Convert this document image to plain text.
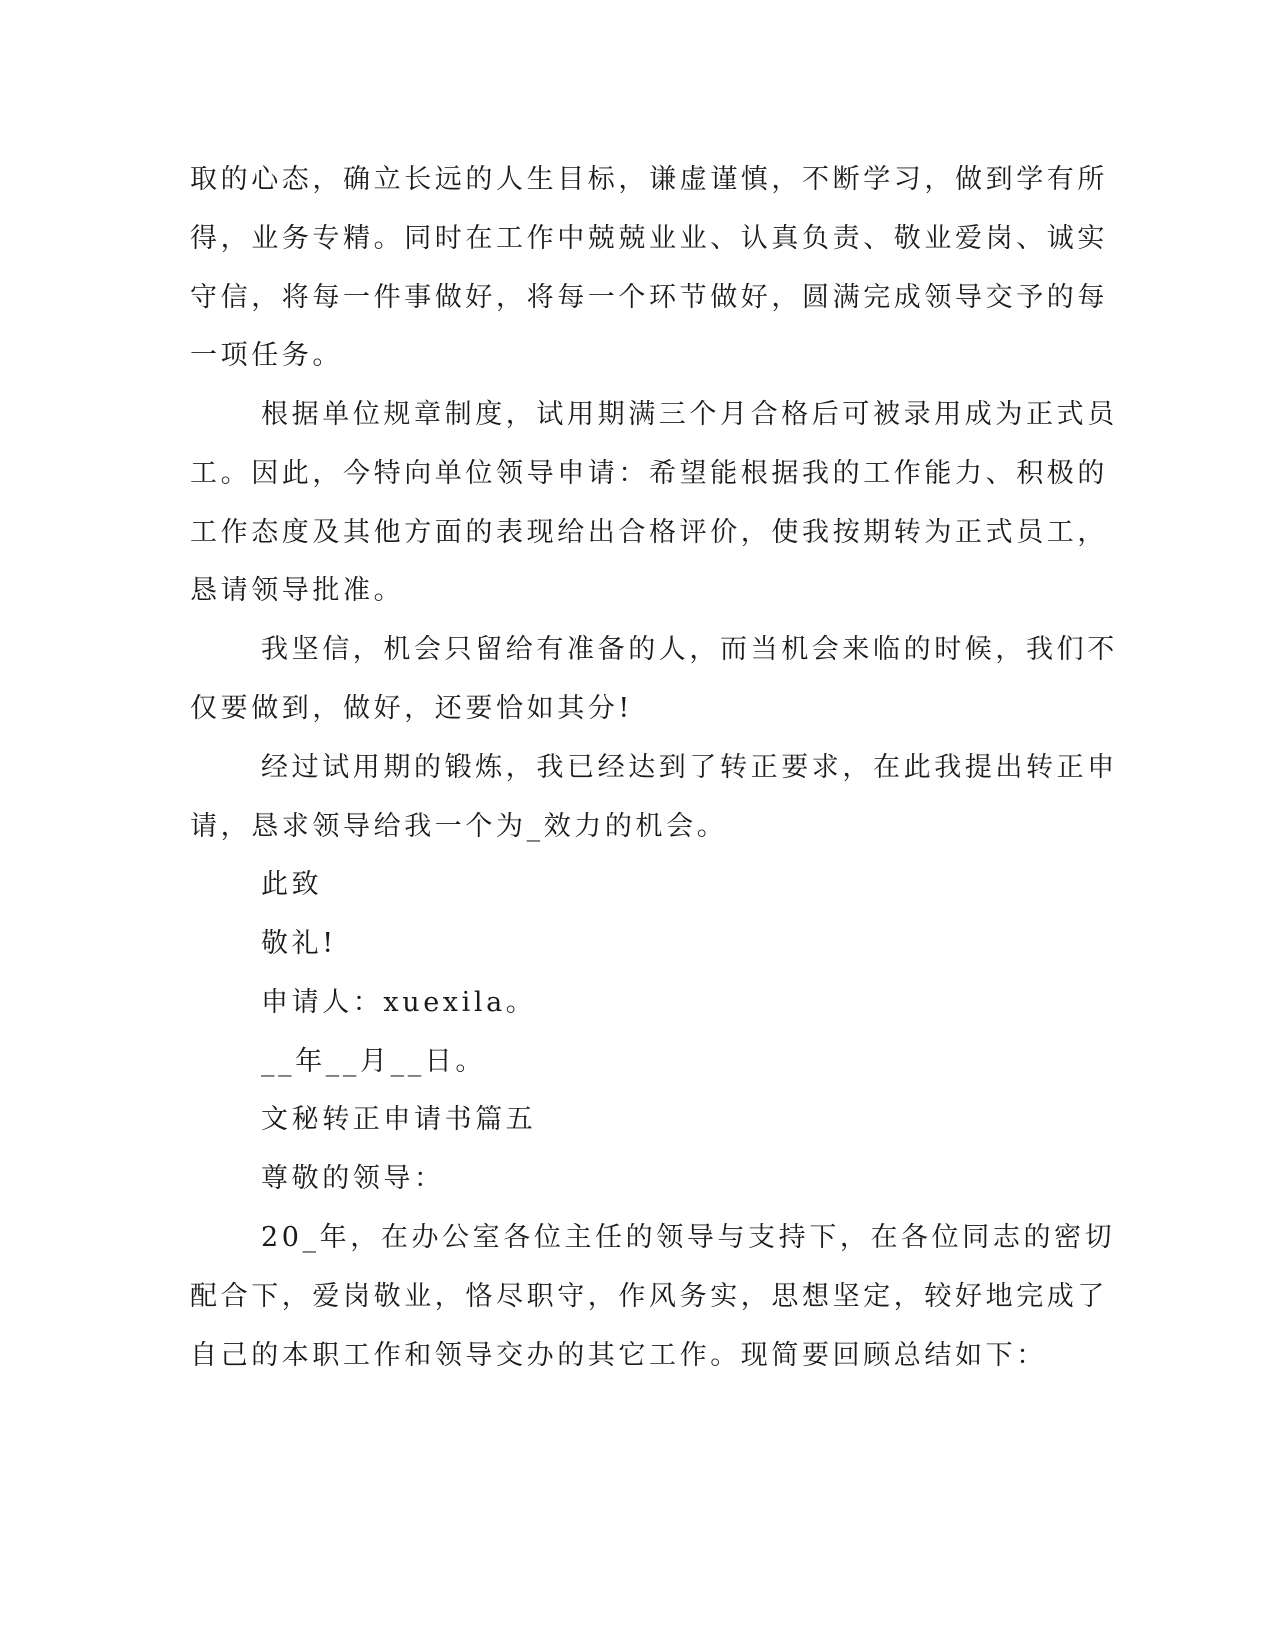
取的心态，确立长远的人生目标，谦虚谨慎，不断学习，做到学有所
得，业务专精。同时在工作中兢兢业业、认真负责、敬业爱岗、诚实
守信，将每一件事做好，将每一个环节做好，圆满完成领导交予的每
一项任务。
根据单位规章制度，试用期满三个月合格后可被录用成为正式员
工。因此，今特向单位领导申请：希望能根据我的工作能力、积极的
工作态度及其他方面的表现给出合格评价，使我按期转为正式员工，
恳请领导批准。
我坚信，机会只留给有准备的人，而当机会来临的时候，我们不
仅要做到，做好，还要恰如其分!
经过试用期的锻炼，我已经达到了转正要求，在此我提出转正申
请，恳求领导给我一个为_效力的机会。
此致
敬礼!
申请人：xuexila。
__年__月__日。
文秘转正申请书篇五
尊敬的领导：
20_年，在办公室各位主任的领导与支持下，在各位同志的密切
配合下，爱岗敬业，恪尽职守，作风务实，思想坚定，较好地完成了
自己的本职工作和领导交办的其它工作。现简要回顾总结如下：
